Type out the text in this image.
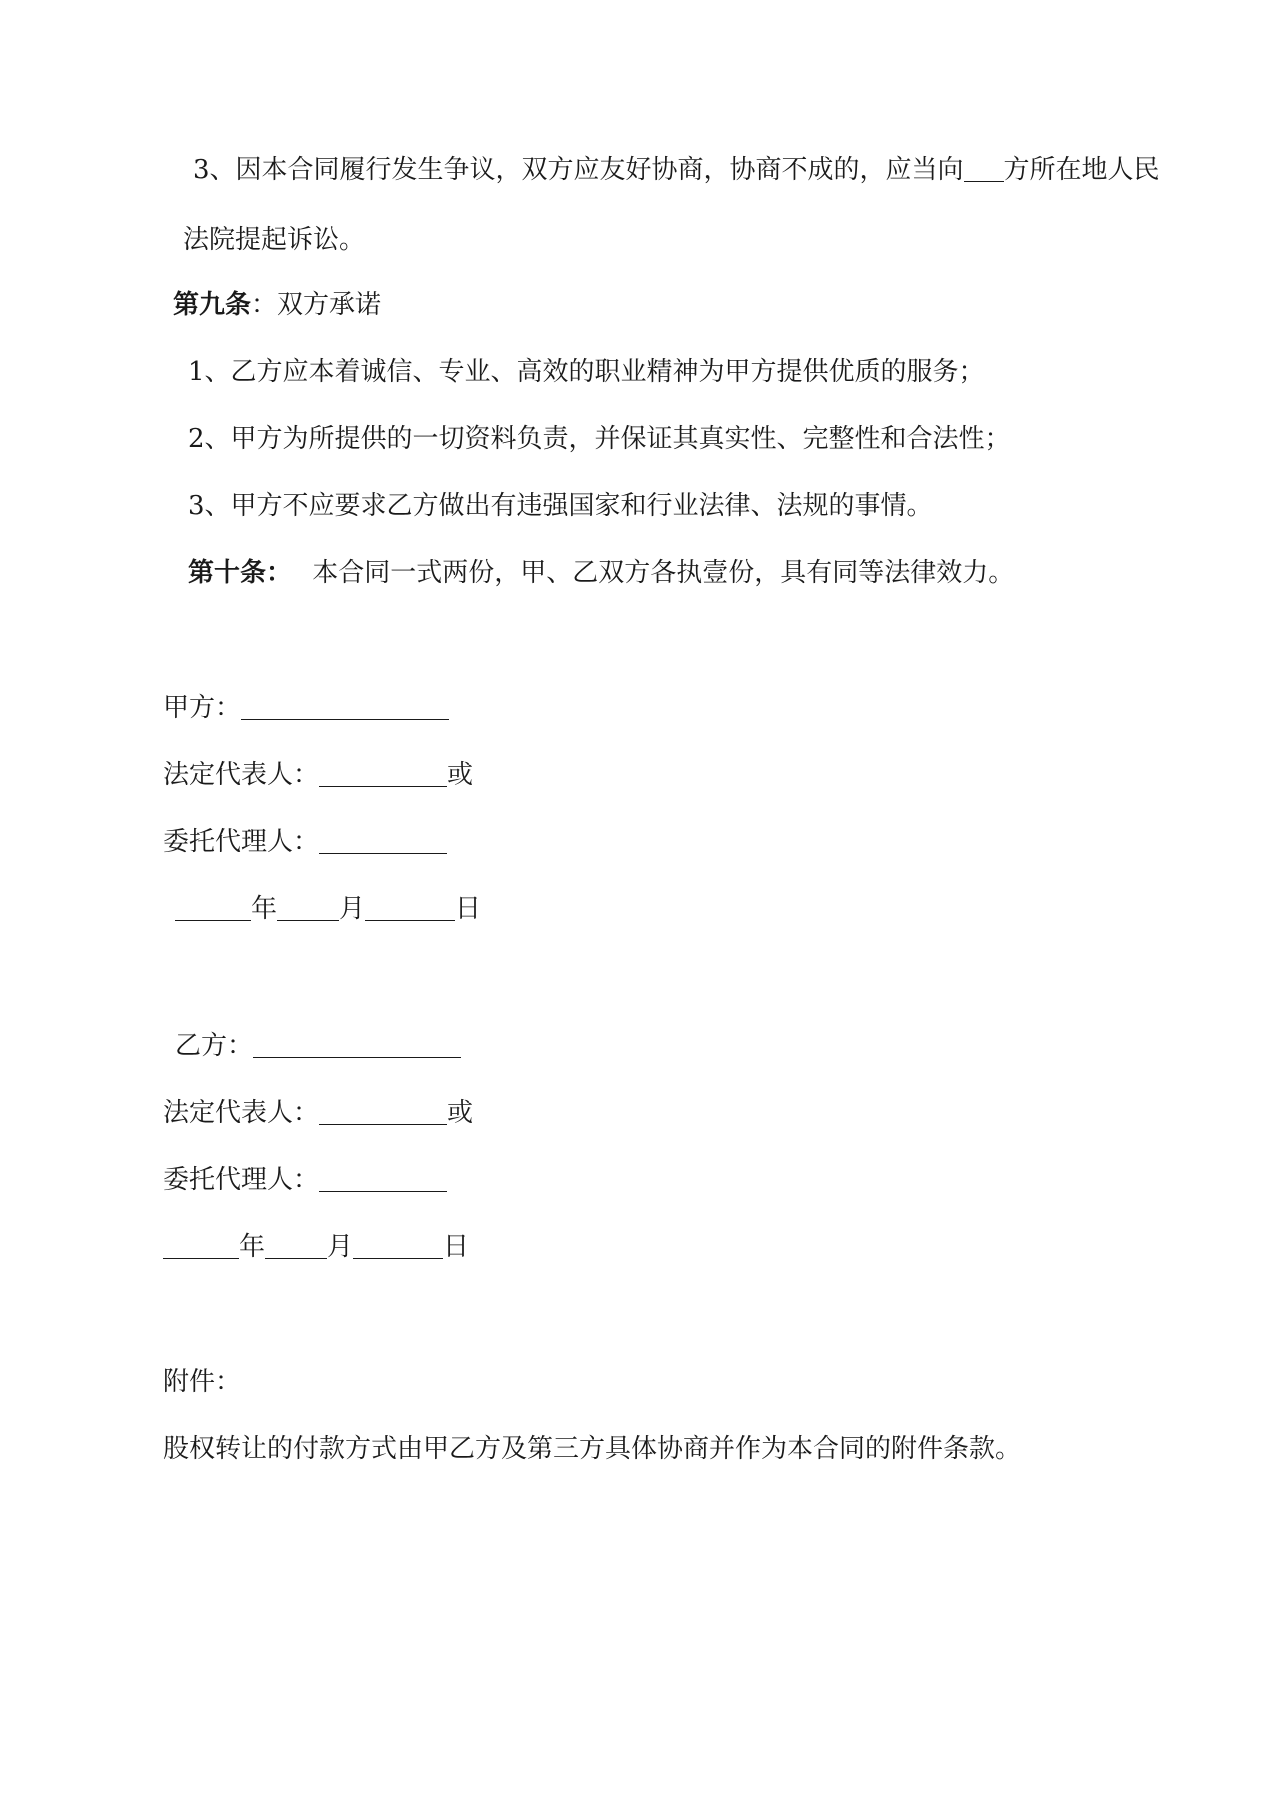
3、因本合同履行发生争议，双方应友好协商，协商不成的，应当向 方所在地人民
法院提起诉讼。
第九条：双方承诺
1、乙方应本着诚信、专业、高效的职业精神为甲方提供优质的服务；
2、甲方为所提供的一切资料负责，并保证其真实性、完整性和合法性；
3、甲方不应要求乙方做出有违强国家和行业法律、法规的事情。
第十条： 本合同一式两份，甲、乙双方各执壹份，具有同等法律效力。
甲方：
法定代表人：	或
委托代理人：
年 月	日
乙方：
法定代表人：	或
委托代理人：
年 月	日
附件：
股权转让的付款方式由甲乙方及第三方具体协商并作为本合同的附件条款。
